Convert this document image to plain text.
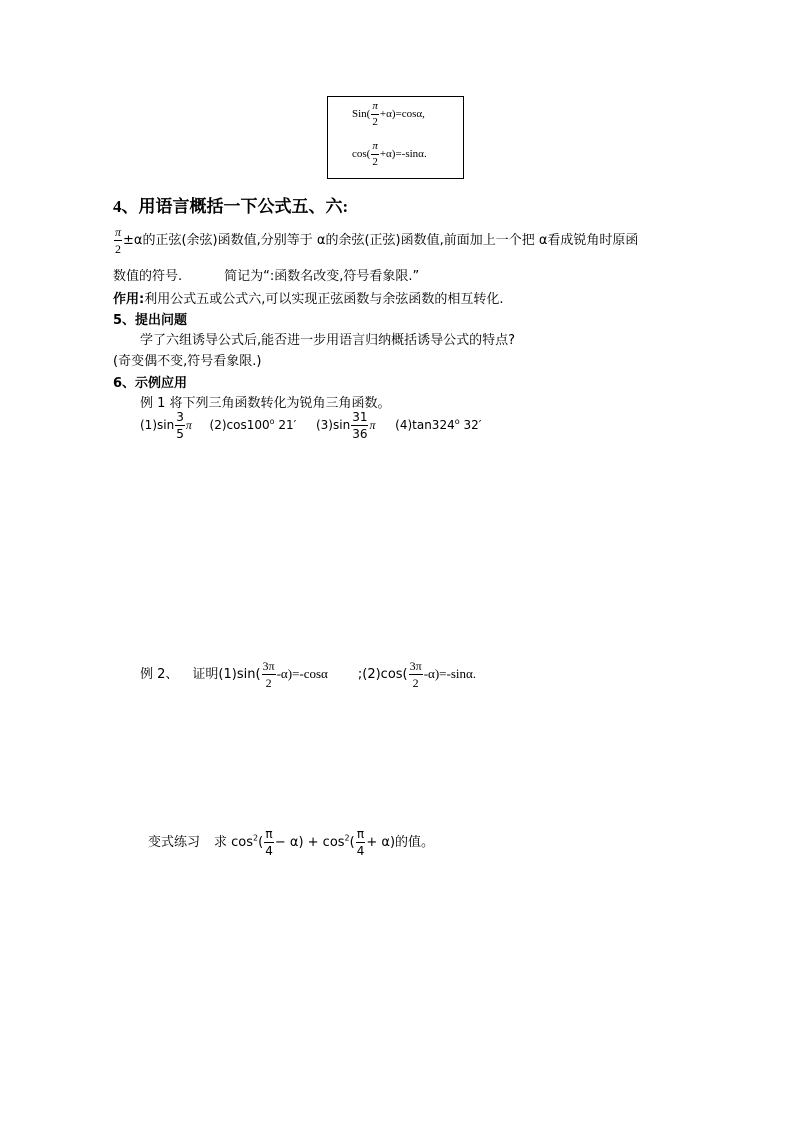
$Sin( \frac{\pi}{2} +\alpha)=\cos\alpha$,
$\cos( \frac{\pi}{2} +\alpha)=-\sin\alpha$.
4、用语言概括一下公式五、六:
$\frac{\pi}{2} \pm\alpha$的正弦(余弦)函数值,分别等于 α的余弦(正弦)函数值,前面加上一个把 α看成锐角时原函
数值的符号.	简记为“:函数名改变,符号看象限.”
作用:利用公式五或公式六,可以实现正弦函数与余弦函数的相互转化.
5、提出问题
学了六组诱导公式后,能否进一步用语言归纳概括诱导公式的特点?
(奇变偶不变,符号看象限.)
6、示例应用
例 1 将下列三角函数转化为锐角三角函数。
$(1)\sin \frac{3}{5}$ π (2)cos100$^o$ 21′ $(3)\sin \frac{31}{36}$ π (4)tan324$^o$ 32′
例 2、 证明$(1)\sin( \frac{3\pi}{2} -\alpha)=-\cos\alpha$ ;(2)cos( $\frac{3\pi}{2} -\alpha)=-\sin\alpha$.
变式练习 求 $\cos^2( \frac{\pi}{4} - \alpha) + \cos^2( \frac{\pi}{4} + \alpha)$的值。
